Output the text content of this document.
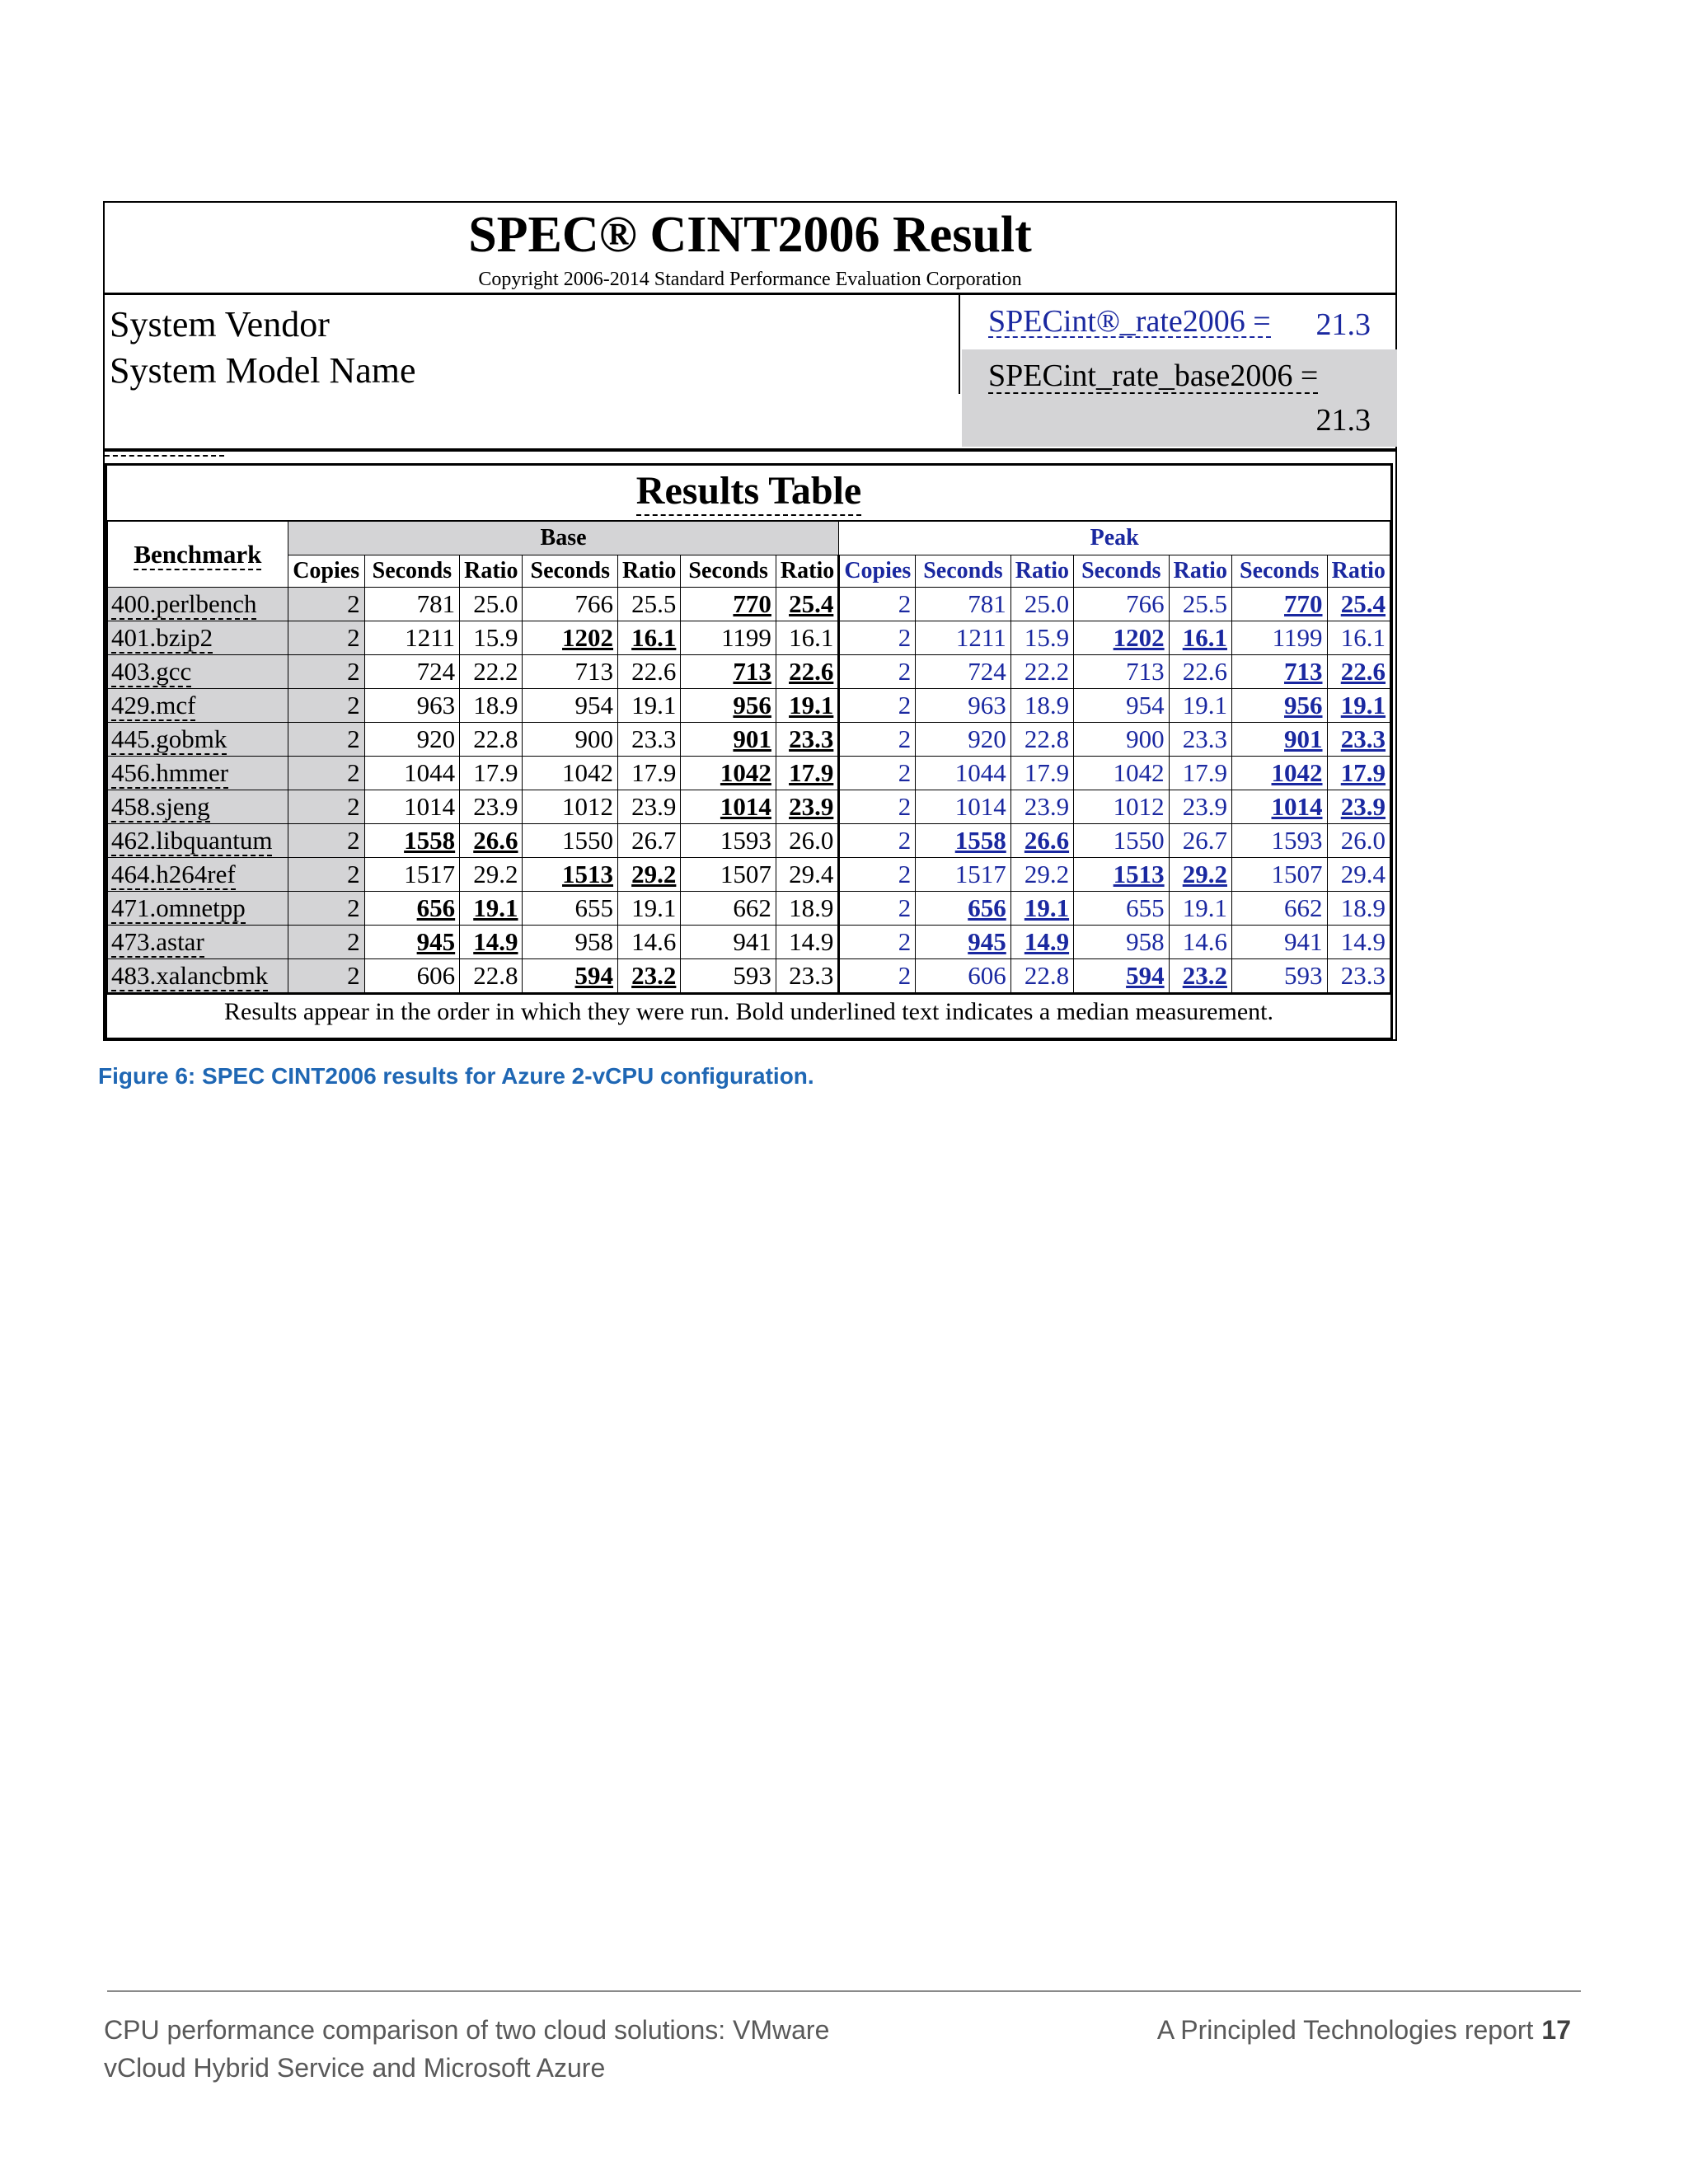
SPEC® CINT2006 Result
Copyright 2006-2014 Standard Performance Evaluation Corporation
System Vendor
System Model Name
SPECint®_rate2006 = 21.3
SPECint_rate_base2006 =
21.3
Results Table
Benchmark	Base							Peak						
	Copies	Seconds	Ratio	Seconds	Ratio	Seconds	Ratio	Copies	Seconds	Ratio	Seconds	Ratio	Seconds	Ratio
400.perlbench	2	781	25.0	766	25.5	770	25.4	2	781	25.0	766	25.5	770	25.4
401.bzip2	2	1211	15.9	1202	16.1	1199	16.1	2	1211	15.9	1202	16.1	1199	16.1
403.gcc	2	724	22.2	713	22.6	713	22.6	2	724	22.2	713	22.6	713	22.6
429.mcf	2	963	18.9	954	19.1	956	19.1	2	963	18.9	954	19.1	956	19.1
445.gobmk	2	920	22.8	900	23.3	901	23.3	2	920	22.8	900	23.3	901	23.3
456.hmmer	2	1044	17.9	1042	17.9	1042	17.9	2	1044	17.9	1042	17.9	1042	17.9
458.sjeng	2	1014	23.9	1012	23.9	1014	23.9	2	1014	23.9	1012	23.9	1014	23.9
462.libquantum	2	1558	26.6	1550	26.7	1593	26.0	2	1558	26.6	1550	26.7	1593	26.0
464.h264ref	2	1517	29.2	1513	29.2	1507	29.4	2	1517	29.2	1513	29.2	1507	29.4
471.omnetpp	2	656	19.1	655	19.1	662	18.9	2	656	19.1	655	19.1	662	18.9
473.astar	2	945	14.9	958	14.6	941	14.9	2	945	14.9	958	14.6	941	14.9
483.xalancbmk	2	606	22.8	594	23.2	593	23.3	2	606	22.8	594	23.2	593	23.3
Results appear in the order in which they were run. Bold underlined text indicates a median measurement.
Figure 6: SPEC CINT2006 results for Azure 2-vCPU configuration.
CPU performance comparison of two cloud solutions: VMware
vCloud Hybrid Service and Microsoft Azure
A Principled Technologies report 17
